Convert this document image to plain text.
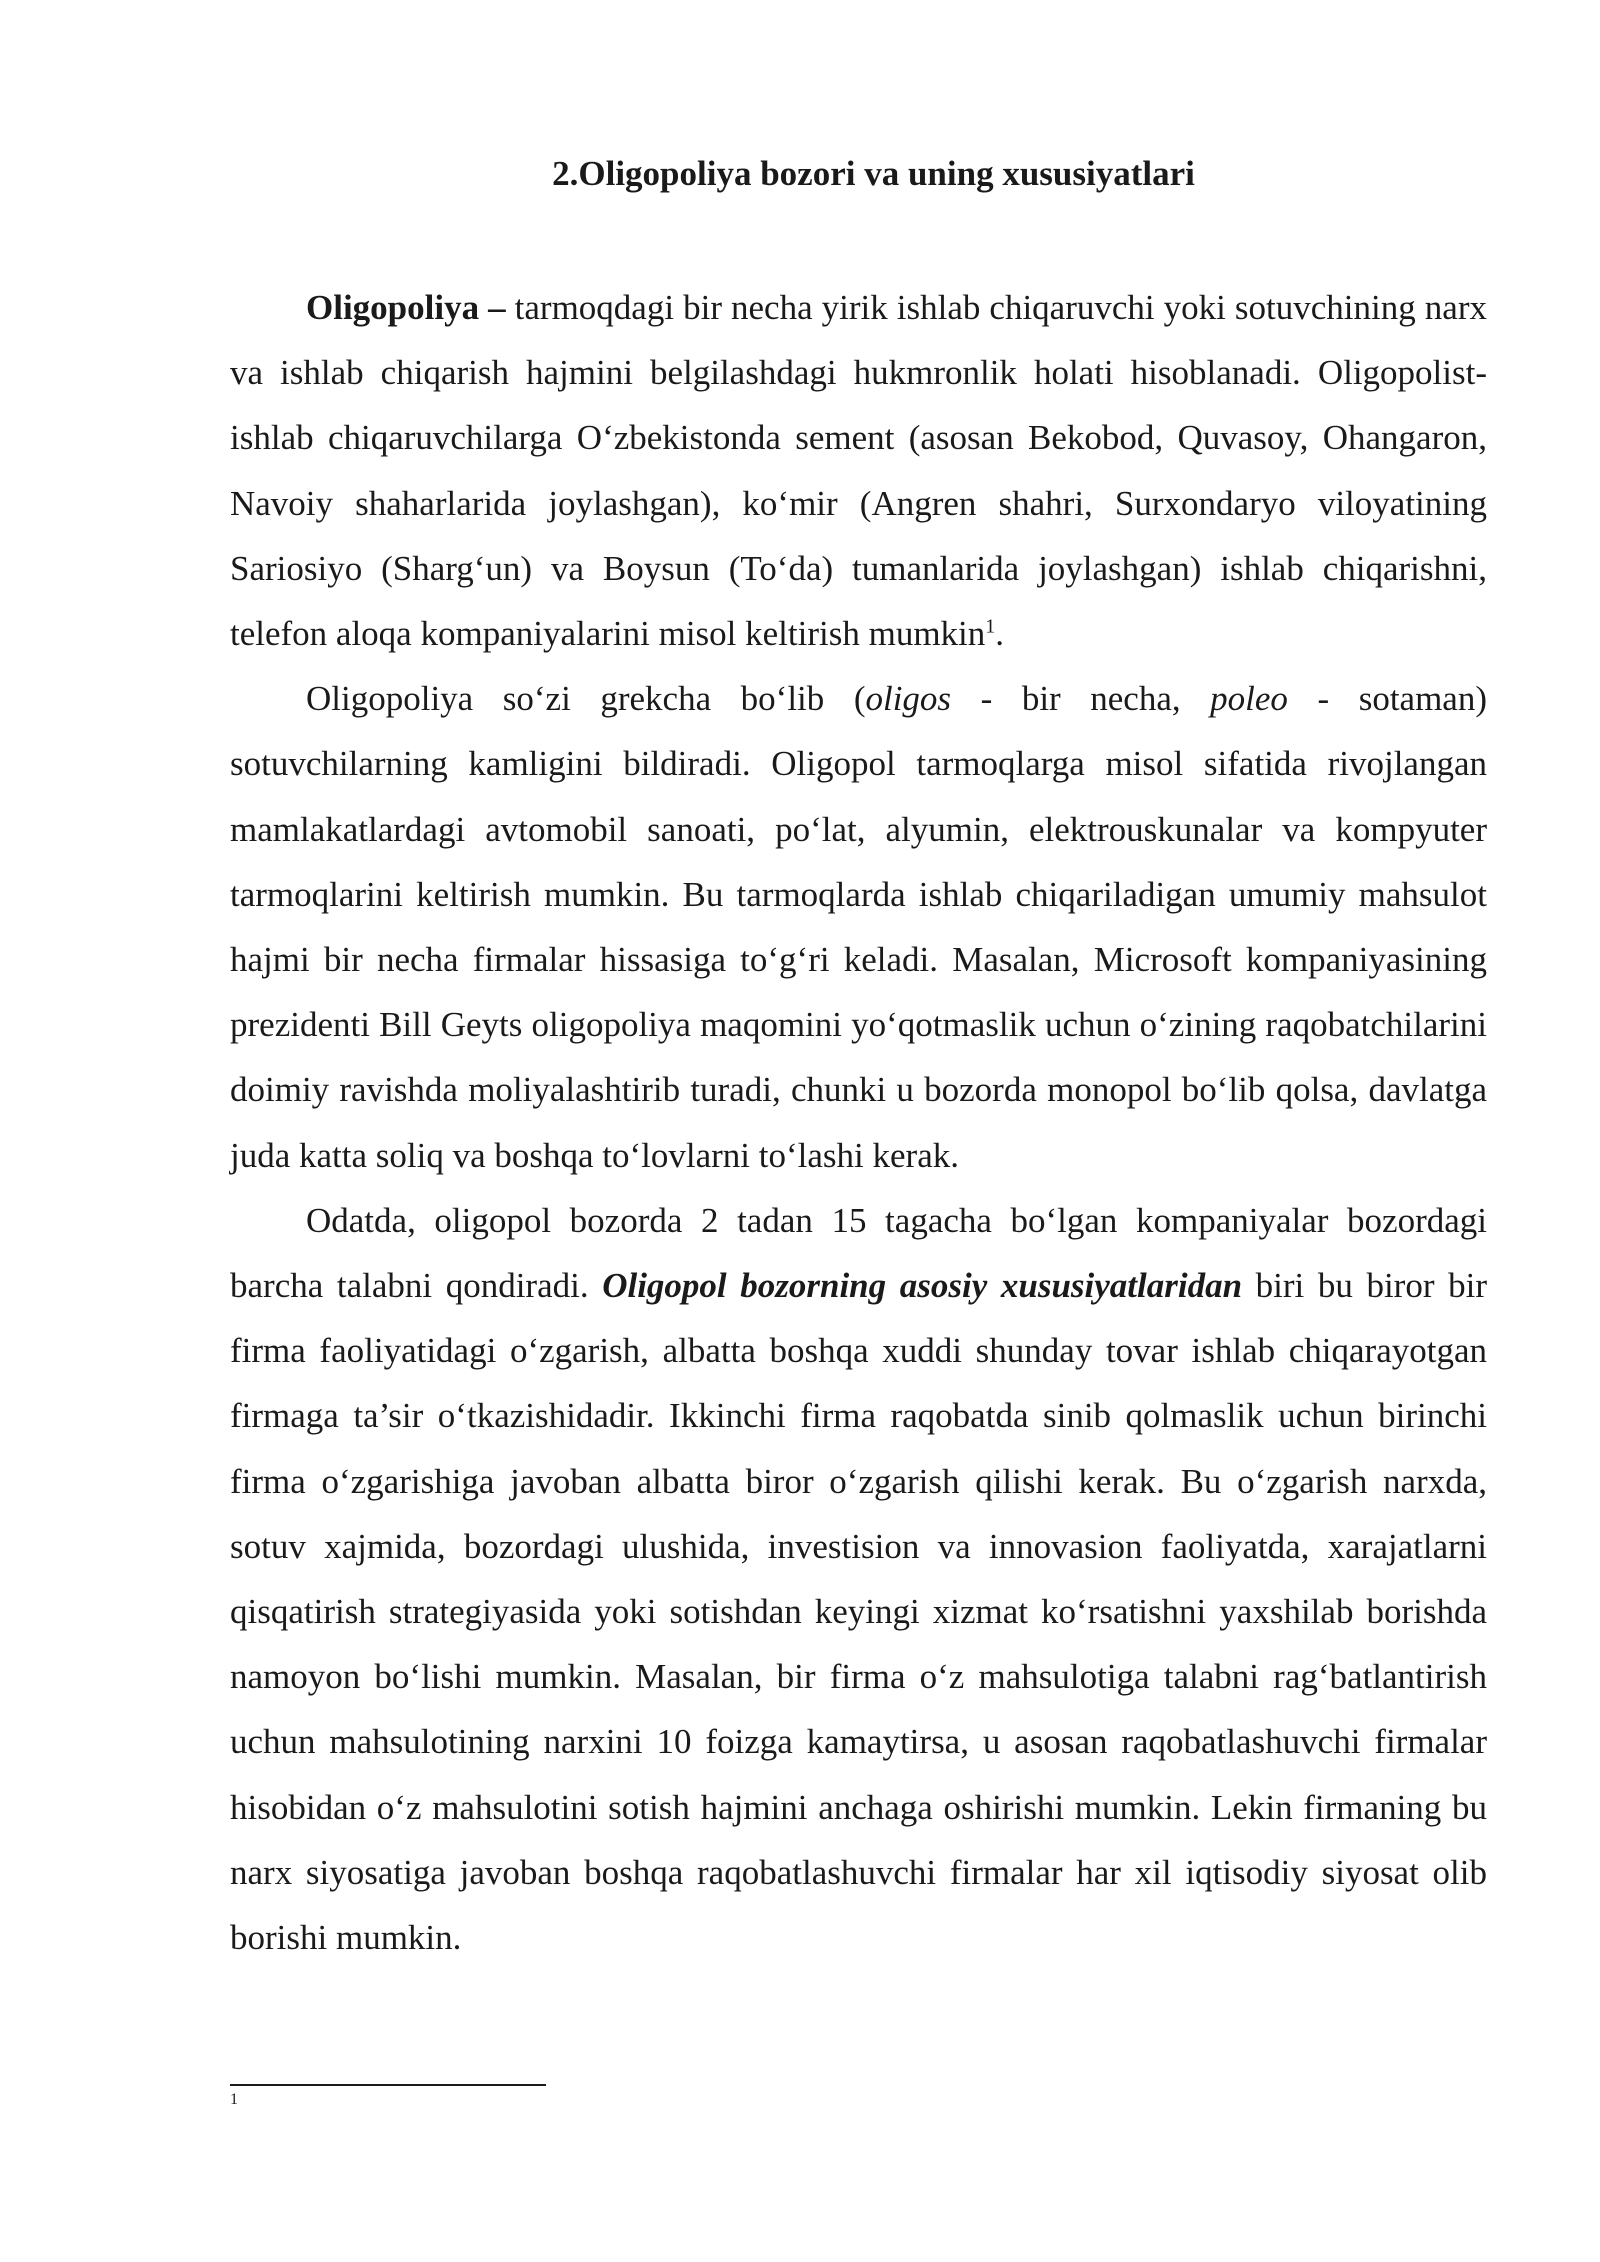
2.Oligopoliya bozori va uning xususiyatlari

Oligopoliya – tarmoqdagi bir necha yirik ishlab chiqaruvchi yoki sotuvchining narx va ishlab chiqarish hajmini belgilashdagi hukmronlik holati hisoblanadi. Oligopolist-ishlab chiqaruvchilarga O‘zbekistonda sement (asosan Bekobod, Quvasoy, Ohangaron, Navoiy shaharlarida joylashgan), ko‘mir (Angren shahri, Surxondaryo viloyatining Sariosiyo (Sharg‘un) va Boysun (To‘da) tumanlarida joylashgan) ishlab chiqarishni, telefon aloqa kompaniyalarini misol keltirish mumkin$^1$.

Oligopoliya so‘zi grekcha bo‘lib (oligos - bir necha, poleo - sotaman) sotuvchilarning kamligini bildiradi. Oligopol tarmoqlarga misol sifatida rivojlangan mamlakatlardagi avtomobil sanoati, po‘lat, alyumin, elektrouskunalar va kompyuter tarmoqlarini keltirish mumkin. Bu tarmoqlarda ishlab chiqariladigan umumiy mahsulot hajmi bir necha firmalar hissasiga to‘g‘ri keladi. Masalan, Microsoft kompaniyasining prezidenti Bill Geyts oligopoliya maqomini yo‘qotmaslik uchun o‘zining raqobatchilarini doimiy ravishda moliyalashtirib turadi, chunki u bozorda monopol bo‘lib qolsa, davlatga juda katta soliq va boshqa to‘lovlarni to‘lashi kerak.

Odatda, oligopol bozorda 2 tadan 15 tagacha bo‘lgan kompaniyalar bozordagi barcha talabni qondiradi. Oligopol bozorning asosiy xususiyatlaridan biri bu biror bir firma faoliyatidagi o‘zgarish, albatta boshqa xuddi shunday tovar ishlab chiqarayotgan firmaga ta’sir o‘tkazishidadir. Ikkinchi firma raqobatda sinib qolmaslik uchun birinchi firma o‘zgarishiga javoban albatta biror o‘zgarish qilishi kerak. Bu o‘zgarish narxda, sotuv xajmida, bozordagi ulushida, investision va innovasion faoliyatda, xarajatlarni qisqatirish strategiyasida yoki sotishdan keyingi xizmat ko‘rsatishni yaxshilab borishda namoyon bo‘lishi mumkin. Masalan, bir firma o‘z mahsulotiga talabni rag‘batlantirish uchun mahsulotining narxini 10 foizga kamaytirsa, u asosan raqobatlashuvchi firmalar hisobidan o‘z mahsulotini sotish hajmini anchaga oshirishi mumkin. Lekin firmaning bu narx siyosatiga javoban boshqa raqobatlashuvchi firmalar har xil iqtisodiy siyosat olib borishi mumkin.

1
